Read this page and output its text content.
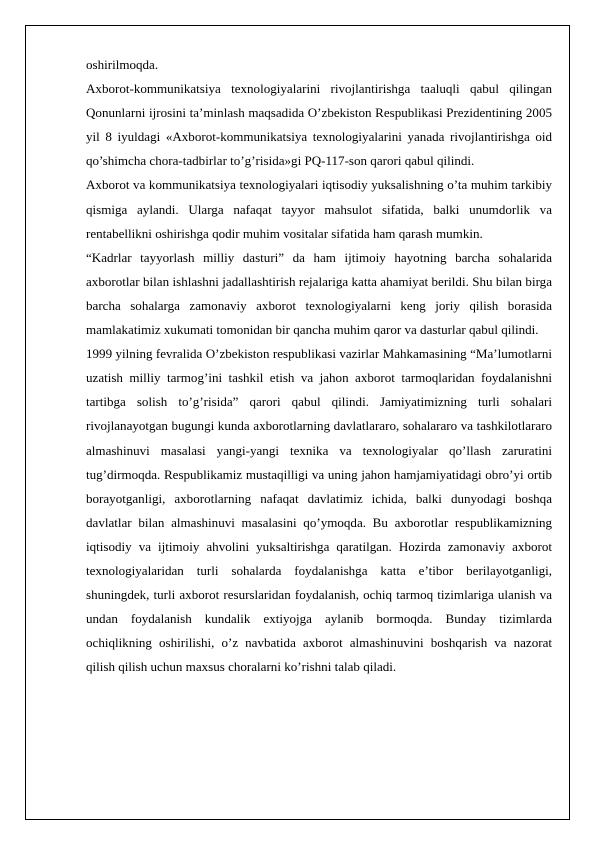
oshirilmoqda.

Axborot-kommunikatsiya texnologiyalarini rivojlantirishga taaluqli qabul qilingan Qonunlarni ijrosini ta’minlash maqsadida O’zbekiston Respublikasi Prezidentining 2005 yil 8 iyuldagi «Axborot-kommunikatsiya texnologiyalarini yanada rivojlantirishga oid qo’shimcha chora-tadbirlar to’g’risida»gi PQ-117-son qarori qabul qilindi.

Axborot va kommunikatsiya texnologiyalari iqtisodiy yuksalishning o’ta muhim tarkibiy qismiga aylandi. Ularga nafaqat tayyor mahsulot sifatida, balki unumdorlik va rentabellikni oshirishga qodir muhim vositalar sifatida ham qarash mumkin.

“Kadrlar tayyorlash milliy dasturi” da ham ijtimoiy hayotning barcha sohalarida axborotlar bilan ishlashni jadallashtirish rejalariga katta ahamiyat berildi. Shu bilan birga barcha sohalarga zamonaviy axborot texnologiyalarni keng joriy qilish borasida mamlakatimiz xukumati tomonidan bir qancha muhim qaror va dasturlar qabul qilindi.

1999 yilning fevralida O’zbekiston respublikasi vazirlar Mahkamasining “Ma’lumotlarni uzatish milliy tarmog’ini tashkil etish va jahon axborot tarmoqlaridan foydalanishni tartibga solish to’g’risida” qarori qabul qilindi. Jamiyatimizning turli sohalari rivojlanayotgan bugungi kunda axborotlarning davlatlararo, sohalararo va tashkilotlararo almashinuvi masalasi yangi-yangi texnika va texnologiyalar qo’llash zaruratini tug’dirmoqda. Respublikamiz mustaqilligi va uning jahon hamjamiyatidagi obro’yi ortib borayotganligi, axborotlarning nafaqat davlatimiz ichida, balki dunyodagi boshqa davlatlar bilan almashinuvi masalasini qo’ymoqda. Bu axborotlar respublikamizning iqtisodiy va ijtimoiy ahvolini yuksaltirishga qaratilgan. Hozirda zamonaviy axborot texnologiyalaridan turli sohalarda foydalanishga katta e’tibor berilayotganligi, shuningdek, turli axborot resurslaridan foydalanish, ochiq tarmoq tizimlariga ulanish va undan foydalanish kundalik extiyojga aylanib bormoqda. Bunday tizimlarda ochiqlikning oshirilishi, o’z navbatida axborot almashinuvini boshqarish va nazorat qilish qilish uchun maxsus choralarni ko’rishni talab qiladi.
